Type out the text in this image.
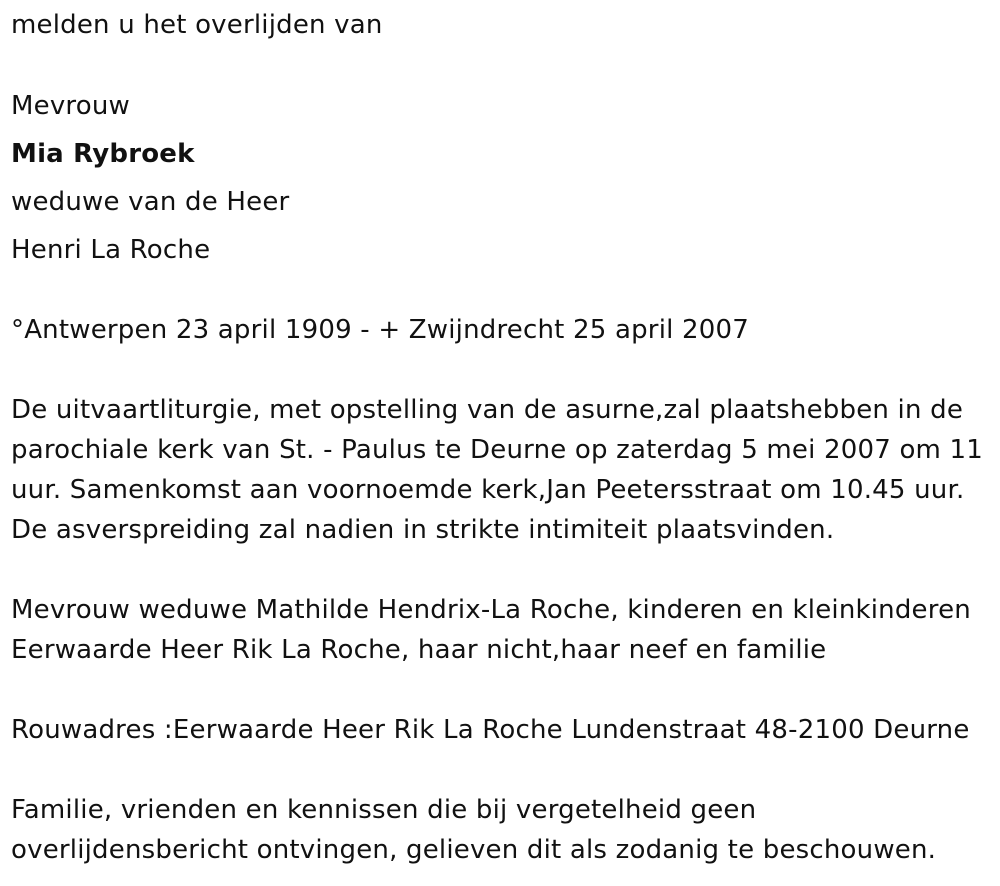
melden u het overlijden van
Mevrouw
Mia Rybroek
weduwe van de Heer
Henri La Roche
°Antwerpen 23 april 1909 - + Zwijndrecht 25 april 2007
De uitvaartliturgie, met opstelling van de asurne,zal plaatshebben in de
parochiale kerk van St. - Paulus te Deurne op zaterdag 5 mei 2007 om 11
uur. Samenkomst aan voornoemde kerk,Jan Peetersstraat om 10.45 uur.
De asverspreiding zal nadien in strikte intimiteit plaatsvinden.
Mevrouw weduwe Mathilde Hendrix-La Roche, kinderen en kleinkinderen
Eerwaarde Heer Rik La Roche, haar nicht,haar neef en familie
Rouwadres :Eerwaarde Heer Rik La Roche Lundenstraat 48-2100 Deurne
Familie, vrienden en kennissen die bij vergetelheid geen
overlijdensbericht ontvingen, gelieven dit als zodanig te beschouwen.
